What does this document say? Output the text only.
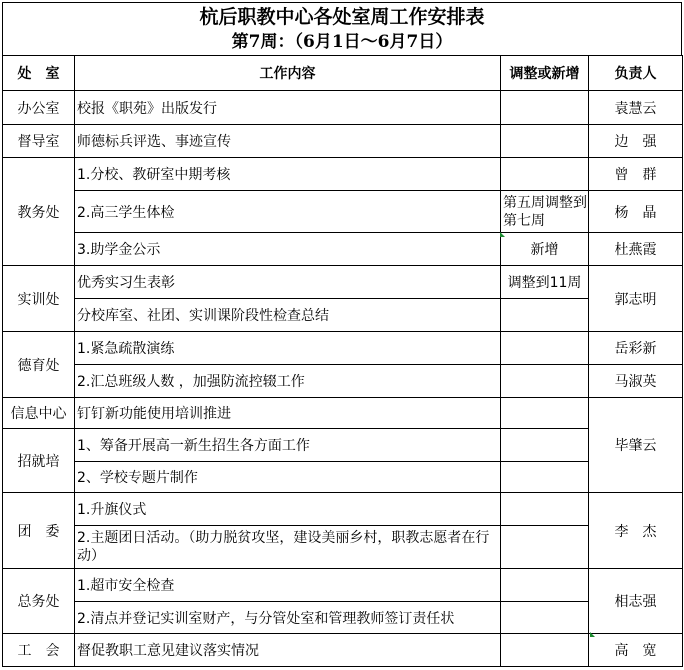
杭后职教中心各处室周工作安排表
第7周：（6月1日～6月7日）
处　室	工作内容	调整或新增	负责人
办公室	校报《职苑》出版发行		袁慧云
督导室	师德标兵评选、事迹宣传		边　强
教务处	1.分校、教研室中期考核		曾　群
	2.高三学生体检	第五周调整到第七周	杨　晶
	3.助学金公示	新增	杜燕霞
实训处	优秀实习生表彰	调整到11周	郭志明
	分校库室、社团、实训课阶段性检查总结		
德育处	1.紧急疏散演练		岳彩新
	2.汇总班级人数 ，加强防流控辍工作		马淑英
信息中心	钉钉新功能使用培训推进		毕肇云
招就培	1、筹备开展高一新生招生各方面工作		
	2、学校专题片制作		
团　委	1.升旗仪式		李　杰
	2.主题团日活动。（助力脱贫攻坚，建设美丽乡村，职教志愿者在行动）		
总务处	1.超市安全检查		相志强
	2.清点并登记实训室财产，与分管处室和管理教师签订责任状		
工　会	督促教职工意见建议落实情况		高　宽
